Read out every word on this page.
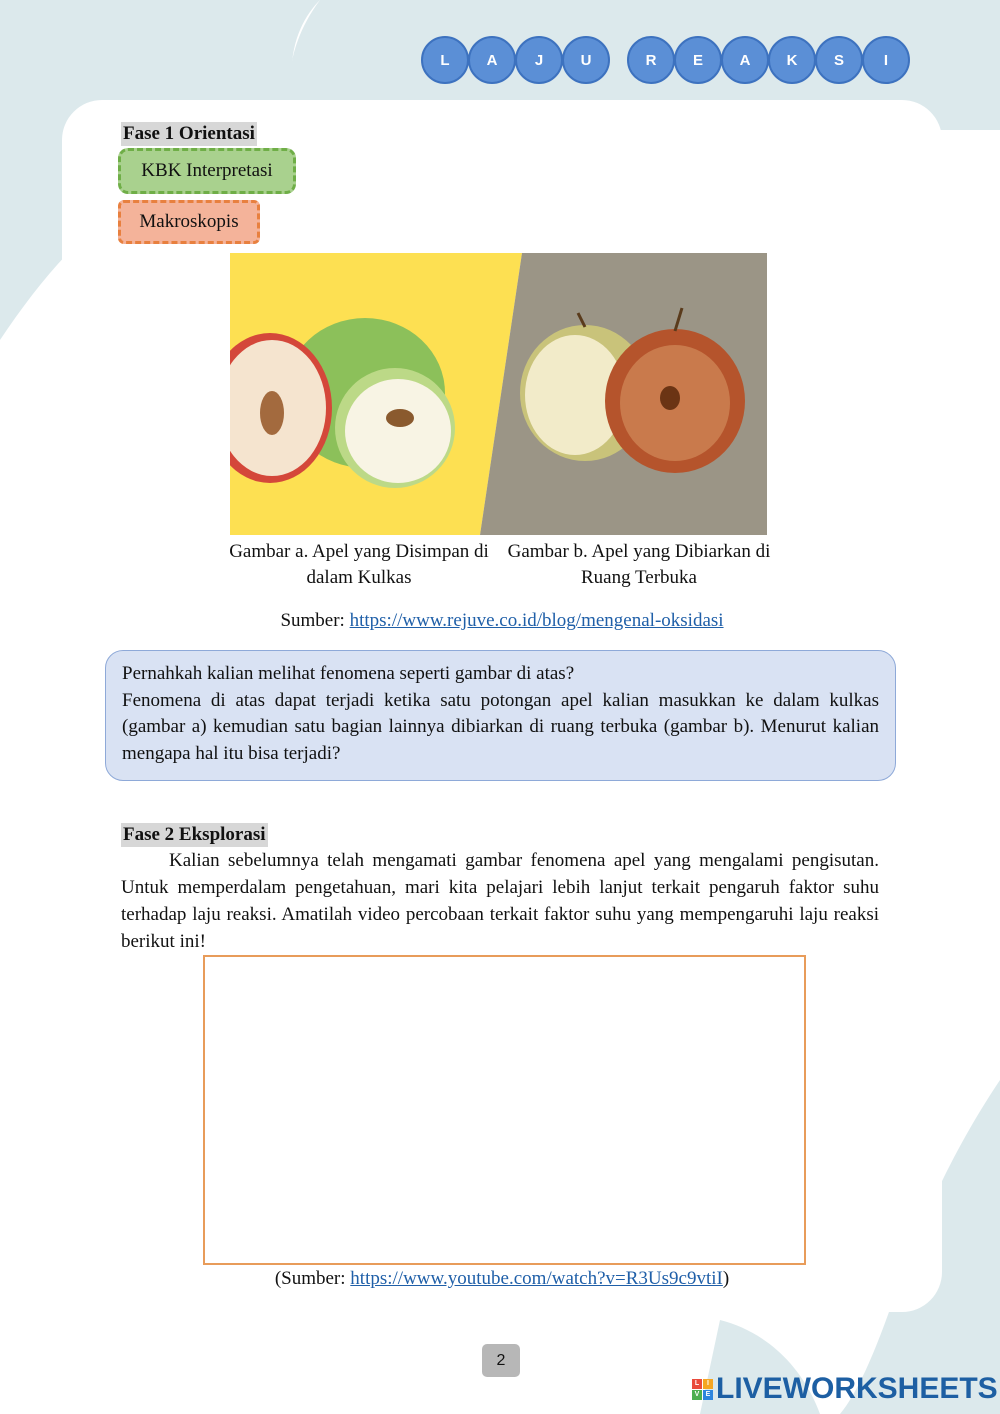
L	A	J	U	R	E	A	K	S	I
Fase 1 Orientasi
KBK Interpretasi
Makroskopis
Gambar a. Apel yang Disimpan di dalam Kulkas
Gambar b. Apel yang Dibiarkan di Ruang Terbuka
Sumber: https://www.rejuve.co.id/blog/mengenal-oksidasi

Pernahkah kalian melihat fenomena seperti gambar di atas?

Fenomena di atas dapat terjadi ketika satu potongan apel kalian masukkan ke dalam kulkas (gambar a) kemudian satu bagian lainnya dibiarkan di ruang terbuka (gambar b). Menurut kalian mengapa hal itu bisa terjadi?

Fase 2 Eksplorasi

Kalian sebelumnya telah mengamati gambar fenomena apel yang mengalami pengisutan. Untuk memperdalam pengetahuan, mari kita pelajari lebih lanjut terkait pengaruh faktor suhu terhadap laju reaksi. Amatilah video percobaan terkait faktor suhu yang mempengaruhi laju reaksi berikut ini!

(Sumber: https://www.youtube.com/watch?v=R3Us9c9vtiI)
2
L	I
V E LIVEWORKSHEETS
